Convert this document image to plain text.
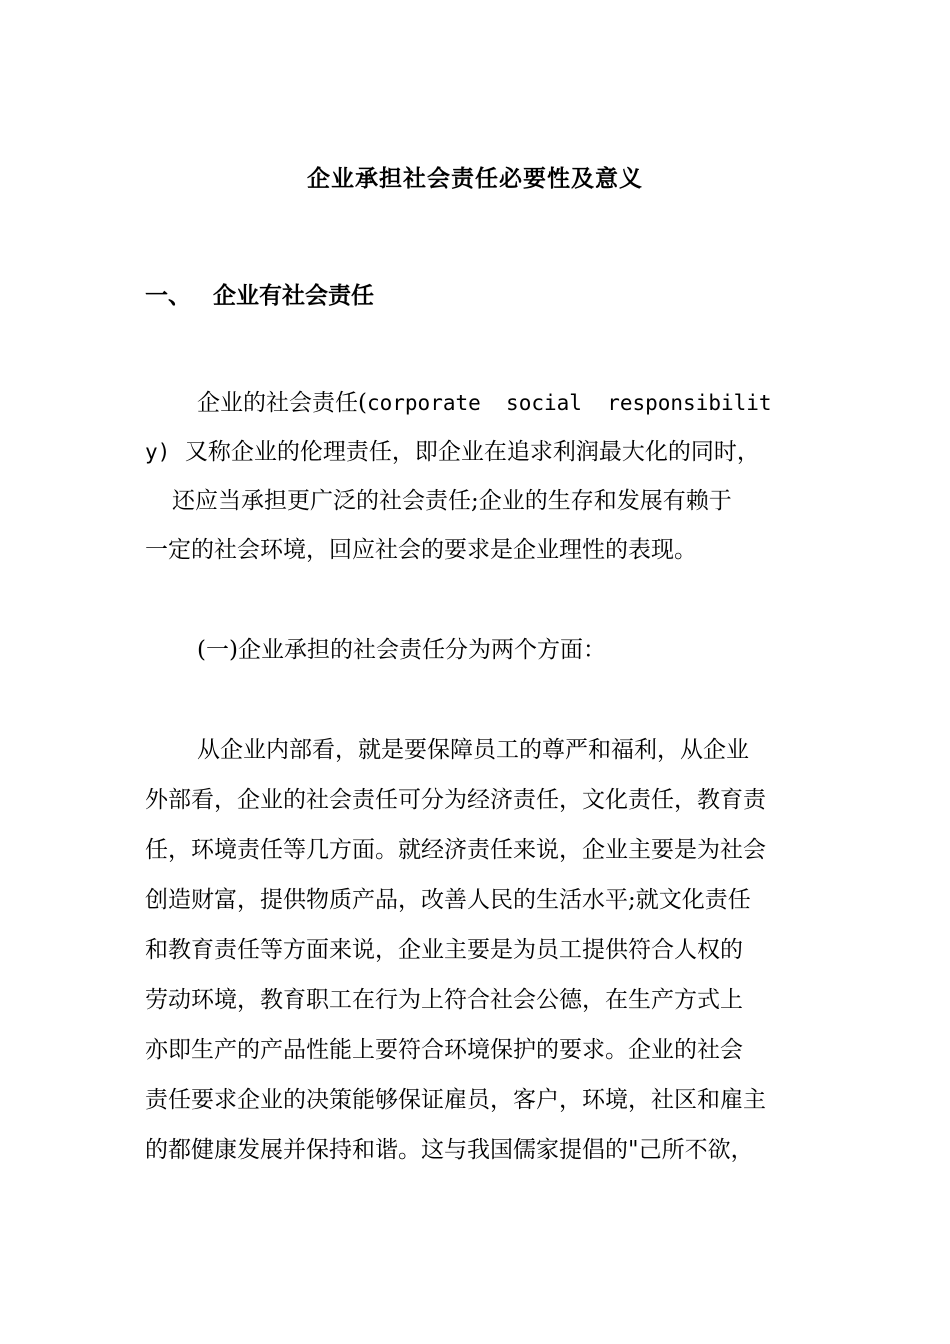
企业承担社会责任必要性及意义
一、 企业有社会责任
企业的社会责任(corporate  social  responsibilit
y)  又称企业的伦理责任，即企业在追求利润最大化的同时，
还应当承担更广泛的社会责任;企业的生存和发展有赖于
一定的社会环境，回应社会的要求是企业理性的表现。
(一)企业承担的社会责任分为两个方面：
从企业内部看，就是要保障员工的尊严和福利，从企业
外部看，企业的社会责任可分为经济责任，文化责任，教育责
任，环境责任等几方面。就经济责任来说，企业主要是为社会
创造财富，提供物质产品，改善人民的生活水平;就文化责任
和教育责任等方面来说，企业主要是为员工提供符合人权的
劳动环境，教育职工在行为上符合社会公德，在生产方式上
亦即生产的产品性能上要符合环境保护的要求。企业的社会
责任要求企业的决策能够保证雇员，客户，环境，社区和雇主
的都健康发展并保持和谐。这与我国儒家提倡的"己所不欲，
